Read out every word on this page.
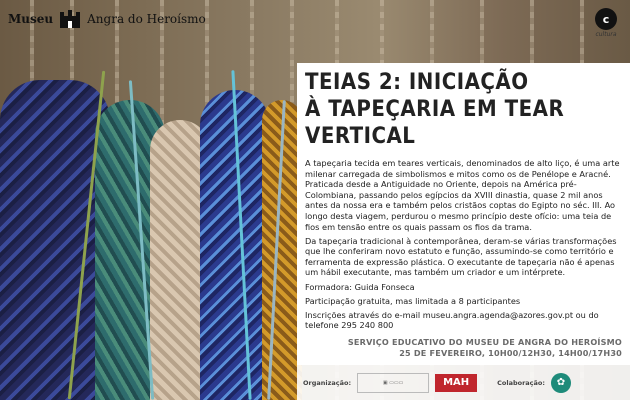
Museu	Angra do Heroísmo	c
cultura
TEIAS 2: INICIAÇÃO
À TAPEÇARIA EM TEAR VERTICAL

A tapeçaria tecida em teares verticais, denominados de alto liço, é uma arte milenar carregada de simbolismos e mitos como os de Penélope e Aracné. Praticada desde a Antiguidade no Oriente, depois na América pré-Colombiana, passando pelos egípcios da XVIII dinastia, quase 2 mil anos antes da nossa era e também pelos cristãos coptas do Egipto no séc. III. Ao longo desta viagem, perdurou o mesmo princípio deste ofício: uma teia de fios em tensão entre os quais passam os fios da trama.

Da tapeçaria tradicional à contemporânea, deram-se várias transformações que lhe conferiram novo estatuto e função, assumindo-se como território e ferramenta de expressão plástica. O executante de tapeçaria não é apenas um hábil executante, mas também um criador e um intérprete.

Formadora: Guida Fonseca

Participação gratuita, mas limitada a 8 participantes

Inscrições através do e-mail museu.angra.agenda@azores.gov.pt ou do telefone 295 240 800

SERVIÇO EDUCATIVO DO MUSEU DE ANGRA DO HEROÍSMO
25 DE FEVEREIRO, 10H00/12H30, 14H00/17H30
Organização:	▣ ▭▭▭	MAH	Colaboração:	✿
